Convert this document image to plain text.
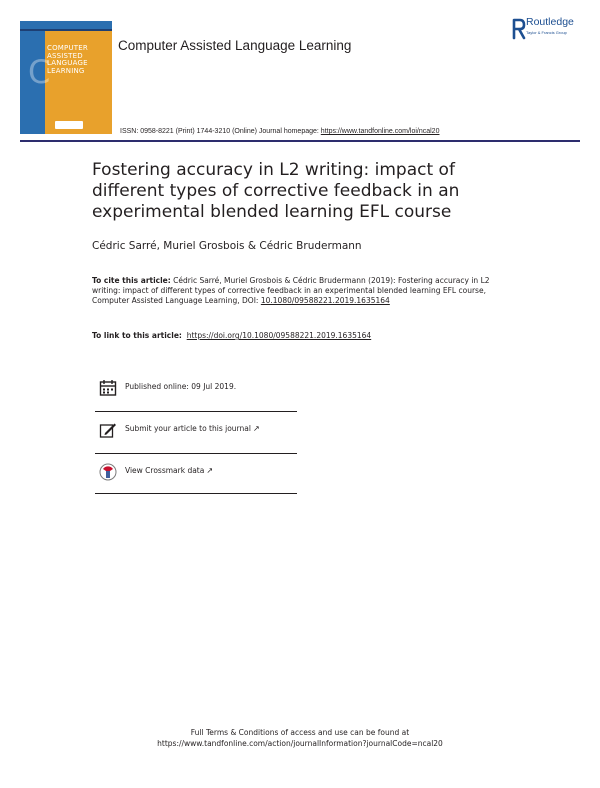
C
COMPUTER
ASSISTED
LANGUAGE
LEARNING
Computer Assisted Language Learning
Routledge
Taylor & Francis Group
ISSN: 0958-8221 (Print) 1744-3210 (Online) Journal homepage: https://www.tandfonline.com/loi/ncal20
Fostering accuracy in L2 writing: impact of different types of corrective feedback in an experimental blended learning EFL course
Cédric Sarré, Muriel Grosbois & Cédric Brudermann
To cite this article: Cédric Sarré, Muriel Grosbois & Cédric Brudermann (2019): Fostering accuracy in L2 writing: impact of different types of corrective feedback in an experimental blended learning EFL course, Computer Assisted Language Learning, DOI: 10.1080/09588221.2019.1635164
To link to this article: https://doi.org/10.1080/09588221.2019.1635164
Published online: 09 Jul 2019.
Submit your article to this journal ↗
View Crossmark data ↗
Full Terms & Conditions of access and use can be found at
https://www.tandfonline.com/action/journalInformation?journalCode=ncal20
